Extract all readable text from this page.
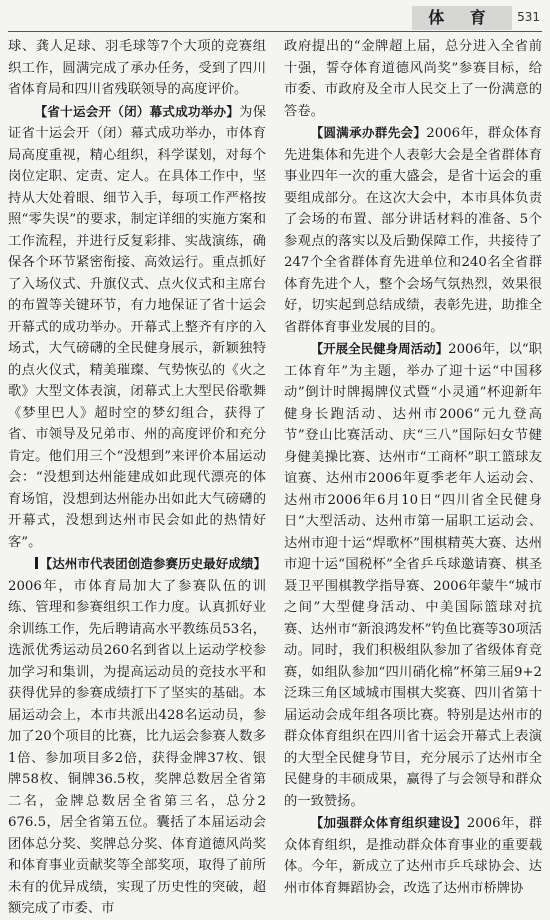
体 育	531

球、龚人足球、羽毛球等7个大项的竞赛组织工作，圆满完成了承办任务，受到了四川省体育局和四川省残联领导的高度评价。

【省十运会开（闭）幕式成功举办】为保证省十运会开（闭）幕式成功举办，市体育局高度重视，精心组织，科学谋划，对每个岗位定职、定责、定人。在具体工作中，坚持从大处着眼、细节入手，每项工作严格按照“零失误”的要求，制定详细的实施方案和工作流程，并进行反复彩排、实战演练，确保各个环节紧密衔接、高效运行。重点抓好了入场仪式、升旗仪式、点火仪式和主席台的布置等关键环节，有力地保证了省十运会开幕式的成功举办。开幕式上整齐有序的入场式，大气磅礴的全民健身展示，新颖独特的点火仪式，精美璀璨、气势恢弘的《火之歌》大型文体表演，闭幕式上大型民俗歌舞《梦里巴人》超时空的梦幻组合，获得了省、市领导及兄弟市、州的高度评价和充分肯定。他们用三个“没想到”来评价本届运动会：“没想到达州能建成如此现代漂亮的体育场馆，没想到达州能办出如此大气磅礴的开幕式，没想到达州市民会如此的热情好客”。

【达州市代表团创造参赛历史最好成绩】2006年，市体育局加大了参赛队伍的训练、管理和参赛组织工作力度。认真抓好业余训练工作，先后聘请高水平教练员53名，选派优秀运动员260名到省以上运动学校参加学习和集训，为提高运动员的竞技水平和获得优异的参赛成绩打下了坚实的基础。本届运动会上，本市共派出428名运动员，参加了20个项目的比赛，比九运会参赛人数多1倍、参加项目多2倍，获得金牌37枚、银牌58枚、铜牌36.5枚，奖牌总数居全省第二名，金牌总数居全省第三名，总分2 676.5，居全省第五位。囊括了本届运动会团体总分奖、奖牌总分奖、体育道德风尚奖和体育事业贡献奖等全部奖项，取得了前所未有的优异成绩，实现了历史性的突破，超额完成了市委、市

政府提出的“金牌超上届，总分进入全省前十强，誓夺体育道德风尚奖”参赛目标，给市委、市政府及全市人民交上了一份满意的答卷。

【圆满承办群先会】2006年，群众体育先进集体和先进个人表彰大会是全省群体育事业四年一次的重大盛会，是省十运会的重要组成部分。在这次大会中，本市具体负责了会场的布置、部分讲话材料的准备、5个参观点的落实以及后勤保障工作，共接待了247个全省群体育先进单位和240名全省群体育先进个人，整个会场气氛热烈，效果很好，切实起到总结成绩，表彰先进，助推全省群体育事业发展的目的。

【开展全民健身周活动】2006年，以“职工体育年”为主题，举办了迎十运“中国移动”倒计时牌揭牌仪式暨“小灵通”杯迎新年健身长跑活动、达州市2006“元九登高节”登山比赛活动、庆“三八”国际妇女节健身健美操比赛、达州市“工商杯”职工篮球友谊赛、达州市2006年夏季老年人运动会、达州市2006年6月10日“四川省全民健身日”大型活动、达州市第一届职工运动会、达州市迎十运“焊歌杯”围棋精英大赛、达州市迎十运“国税杯”全省乒乓球邀请赛、棋圣聂卫平围棋教学指导赛、2006年蒙牛“城市之间”大型健身活动、中美国际篮球对抗赛、达州市“新浪鸿发杯”钓鱼比赛等30项活动。同时，我们积极组队参加了省级体育竞赛，如组队参加“四川硝化棉”杯第三届9+2泛珠三角区域城市围棋大奖赛、四川省第十届运动会成年组各项比赛。特别是达州市的群众体育组织在四川省十运会开幕式上表演的大型全民健身节目，充分展示了达州市全民健身的丰硕成果，赢得了与会领导和群众的一致赞扬。

【加强群众体育组织建设】2006年，群众体育组织，是推动群众体育事业的重要载体。今年，新成立了达州市乒乓球协会、达州市体育舞蹈协会，改选了达州市桥牌协
